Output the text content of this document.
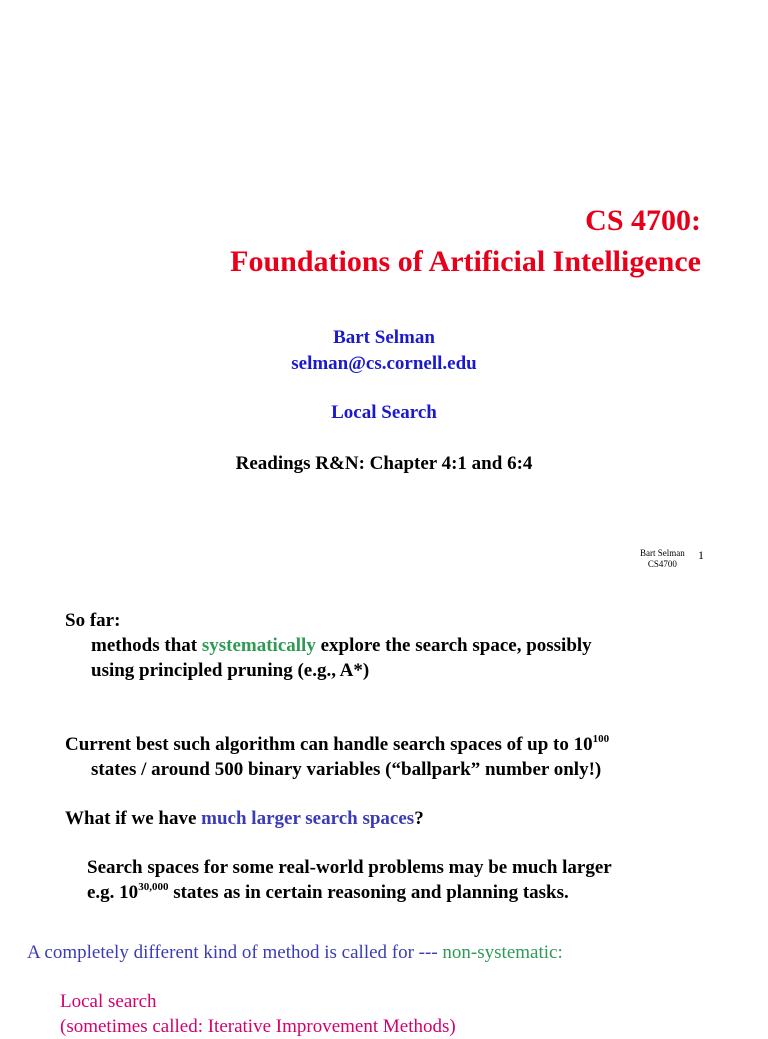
CS 4700:
Foundations of Artificial Intelligence
Bart Selman
selman@cs.cornell.edu
Local Search
Readings R&N: Chapter 4:1 and 6:4
Bart Selman
CS4700
1
So far:
methods that systematically explore the search space, possibly
using principled pruning (e.g., A*)
Current best such algorithm can handle search spaces of up to $10^{100}$
states / around 500 binary variables (“ballpark” number only!)
What if we have much larger search spaces?
Search spaces for some real-world problems may be much larger
e.g. 10$^{30,000}$ states as in certain reasoning and planning tasks.
A completely different kind of method is called for --- non-systematic:
Local search
(sometimes called: Iterative Improvement Methods)
